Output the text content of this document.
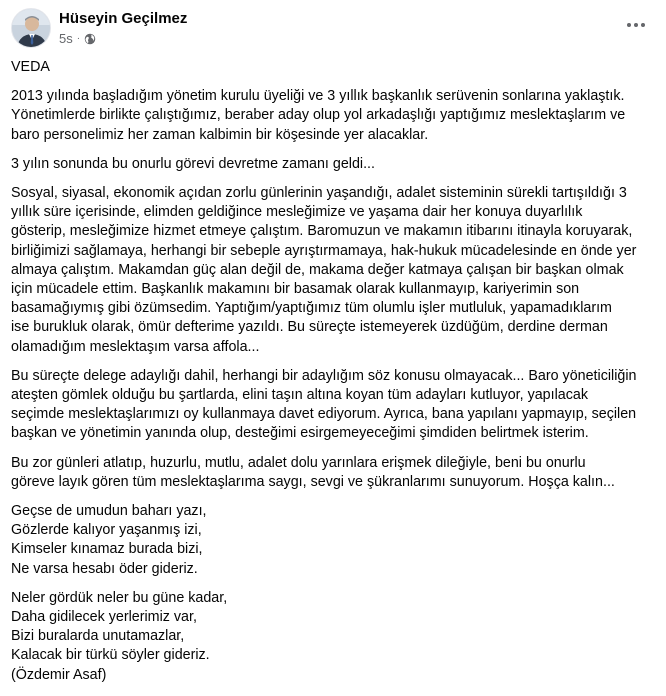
Hüseyin Geçilmez
5s ·
VEDA
2013 yılında başladığım yönetim kurulu üyeliği ve 3 yıllık başkanlık serüvenin sonlarına yaklaştık.
Yönetimlerde birlikte çalıştığımız, beraber aday olup yol arkadaşlığı yaptığımız meslektaşlarım ve
baro personelimiz her zaman kalbimin bir köşesinde yer alacaklar.
3 yılın sonunda bu onurlu görevi devretme zamanı geldi...
Sosyal, siyasal, ekonomik açıdan zorlu günlerinin yaşandığı, adalet sisteminin sürekli tartışıldığı 3
yıllık süre içerisinde, elimden geldiğince mesleğimize ve yaşama dair her konuya duyarlılık
gösterip, mesleğimize hizmet etmeye çalıştım. Baromuzun ve makamın itibarını itinayla koruyarak,
birliğimizi sağlamaya, herhangi bir sebeple ayrıştırmamaya, hak-hukuk mücadelesinde en önde yer
almaya çalıştım. Makamdan güç alan değil de, makama değer katmaya çalışan bir başkan olmak
için mücadele ettim. Başkanlık makamını bir basamak olarak kullanmayıp, kariyerimin son
basamağıymış gibi özümsedim. Yaptığım/yaptığımız tüm olumlu işler mutluluk, yapamadıklarım
ise burukluk olarak, ömür defterime yazıldı. Bu süreçte istemeyerek üzdüğüm, derdine derman
olamadığım meslektaşım varsa affola...
Bu süreçte delege adaylığı dahil, herhangi bir adaylığım söz konusu olmayacak... Baro yöneticiliğin
ateşten gömlek olduğu bu şartlarda, elini taşın altına koyan tüm adayları kutluyor, yapılacak
seçimde meslektaşlarımızı oy kullanmaya davet ediyorum. Ayrıca, bana yapılanı yapmayıp, seçilen
başkan ve yönetimin yanında olup, desteğimi esirgemeyeceğimi şimdiden belirtmek isterim.
Bu zor günleri atlatıp, huzurlu, mutlu, adalet dolu yarınlara erişmek dileğiyle, beni bu onurlu
göreve layık gören tüm meslektaşlarıma saygı, sevgi ve şükranlarımı sunuyorum. Hoşça kalın...
Geçse de umudun baharı yazı,
Gözlerde kalıyor yaşanmış izi,
Kimseler kınamaz burada bizi,
Ne varsa hesabı öder gideriz.
Neler gördük neler bu güne kadar,
Daha gidilecek yerlerimiz var,
Bizi buralarda unutamazlar,
Kalacak bir türkü söyler gideriz.
(Özdemir Asaf)
